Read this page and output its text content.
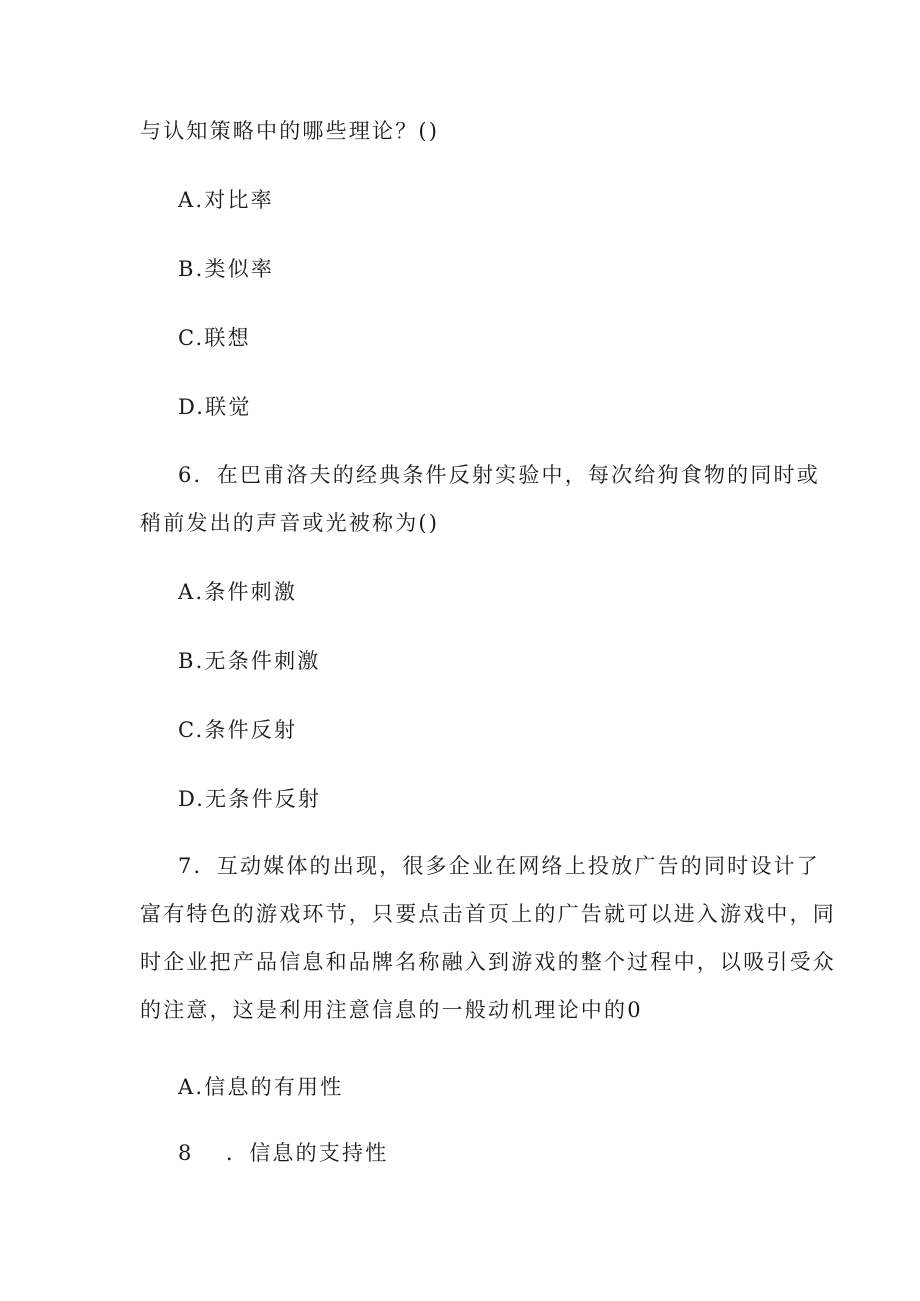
与认知策略中的哪些理论？()
A.对比率
B.类似率
C.联想
D.联觉
6．在巴甫洛夫的经典条件反射实验中，每次给狗食物的同时或
稍前发出的声音或光被称为()
A.条件刺激
B.无条件刺激
C.条件反射
D.无条件反射
7．互动媒体的出现，很多企业在网络上投放广告的同时设计了
富有特色的游戏环节，只要点击首页上的广告就可以进入游戏中，同
时企业把产品信息和品牌名称融入到游戏的整个过程中，以吸引受众
的注意，这是利用注意信息的一般动机理论中的0
A.信息的有用性
8 ．信息的支持性
